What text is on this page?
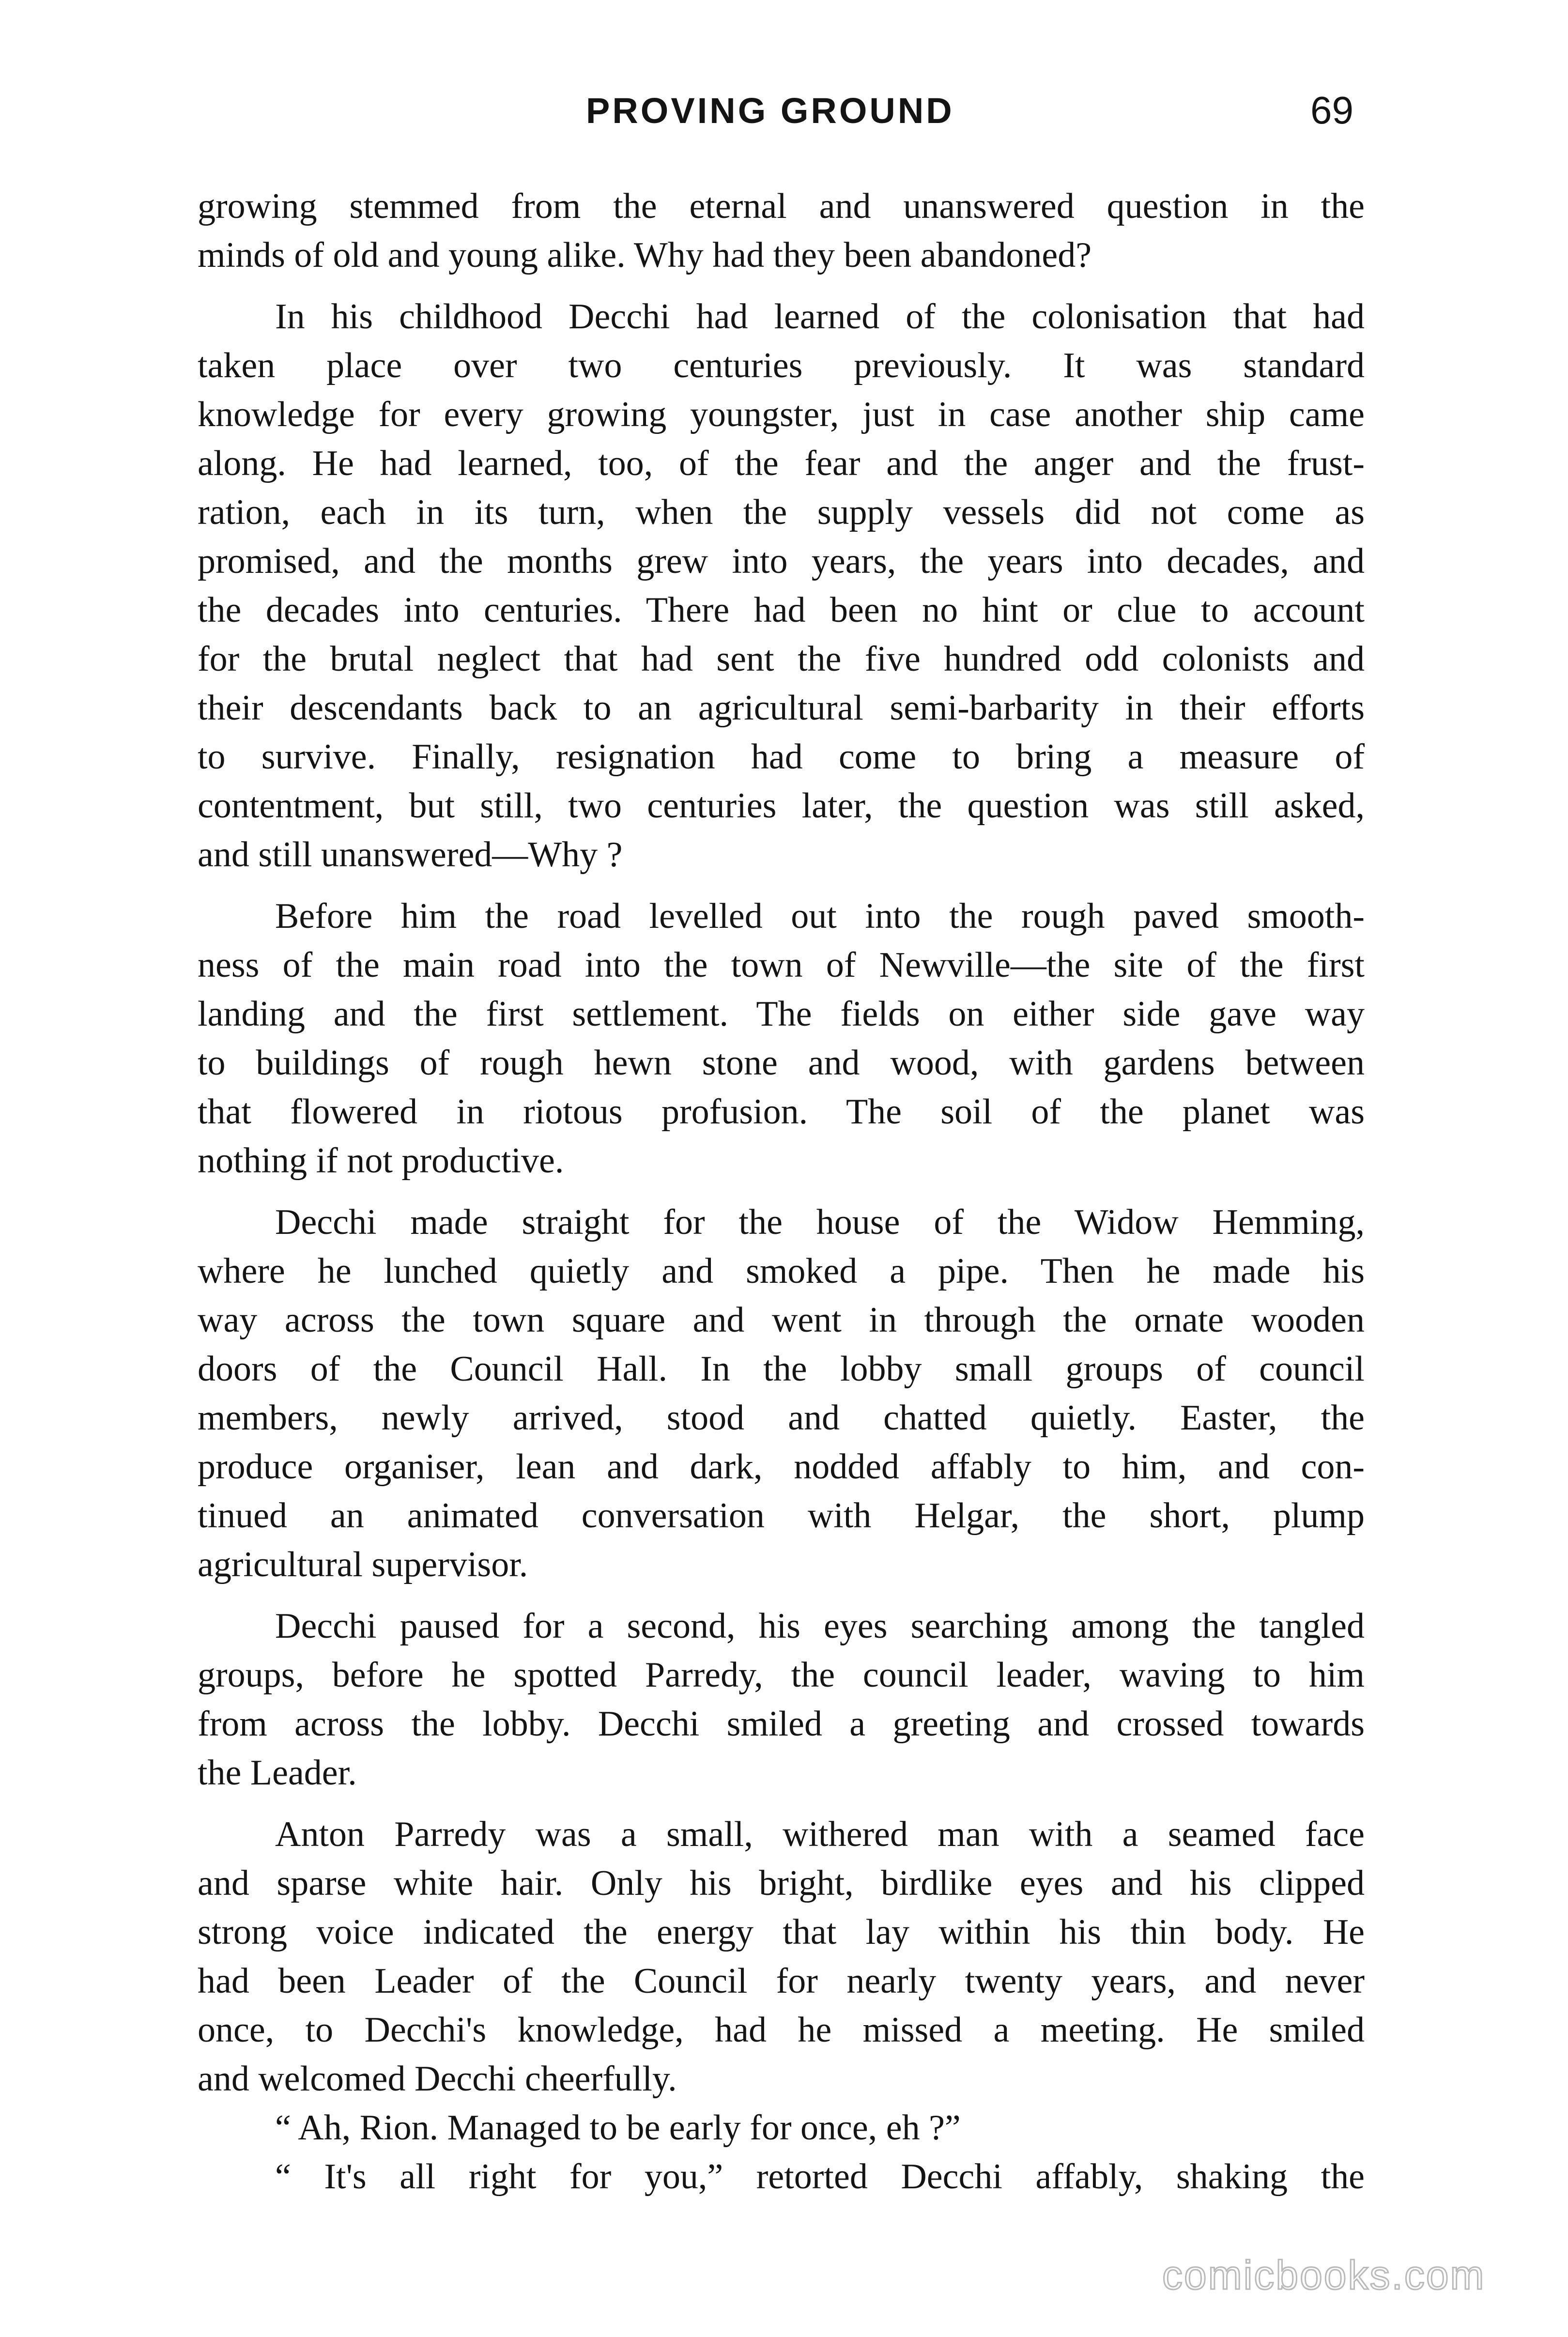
PROVING GROUND	69
growing stemmed from the eternal and unanswered question in the
minds of old and young alike. Why had they been abandoned?
In his childhood Decchi had learned of the colonisation that had
taken place over two centuries previously. It was standard
knowledge for every growing youngster, just in case another ship came
along. He had learned, too, of the fear and the anger and the frust-
ration, each in its turn, when the supply vessels did not come as
promised, and the months grew into years, the years into decades, and
the decades into centuries. There had been no hint or clue to account
for the brutal neglect that had sent the five hundred odd colonists and
their descendants back to an agricultural semi-barbarity in their efforts
to survive. Finally, resignation had come to bring a measure of
contentment, but still, two centuries later, the question was still asked,
and still unanswered—Why ?
Before him the road levelled out into the rough paved smooth-
ness of the main road into the town of Newville—the site of the first
landing and the first settlement. The fields on either side gave way
to buildings of rough hewn stone and wood, with gardens between
that flowered in riotous profusion. The soil of the planet was
nothing if not productive.
Decchi made straight for the house of the Widow Hemming,
where he lunched quietly and smoked a pipe. Then he made his
way across the town square and went in through the ornate wooden
doors of the Council Hall. In the lobby small groups of council
members, newly arrived, stood and chatted quietly. Easter, the
produce organiser, lean and dark, nodded affably to him, and con-
tinued an animated conversation with Helgar, the short, plump
agricultural supervisor.
Decchi paused for a second, his eyes searching among the tangled
groups, before he spotted Parredy, the council leader, waving to him
from across the lobby. Decchi smiled a greeting and crossed towards
the Leader.
Anton Parredy was a small, withered man with a seamed face
and sparse white hair. Only his bright, birdlike eyes and his clipped
strong voice indicated the energy that lay within his thin body. He
had been Leader of the Council for nearly twenty years, and never
once, to Decchi's knowledge, had he missed a meeting. He smiled
and welcomed Decchi cheerfully.
“ Ah, Rion. Managed to be early for once, eh ?”
“ It's all right for you,” retorted Decchi affably, shaking the
comicbooks.com
